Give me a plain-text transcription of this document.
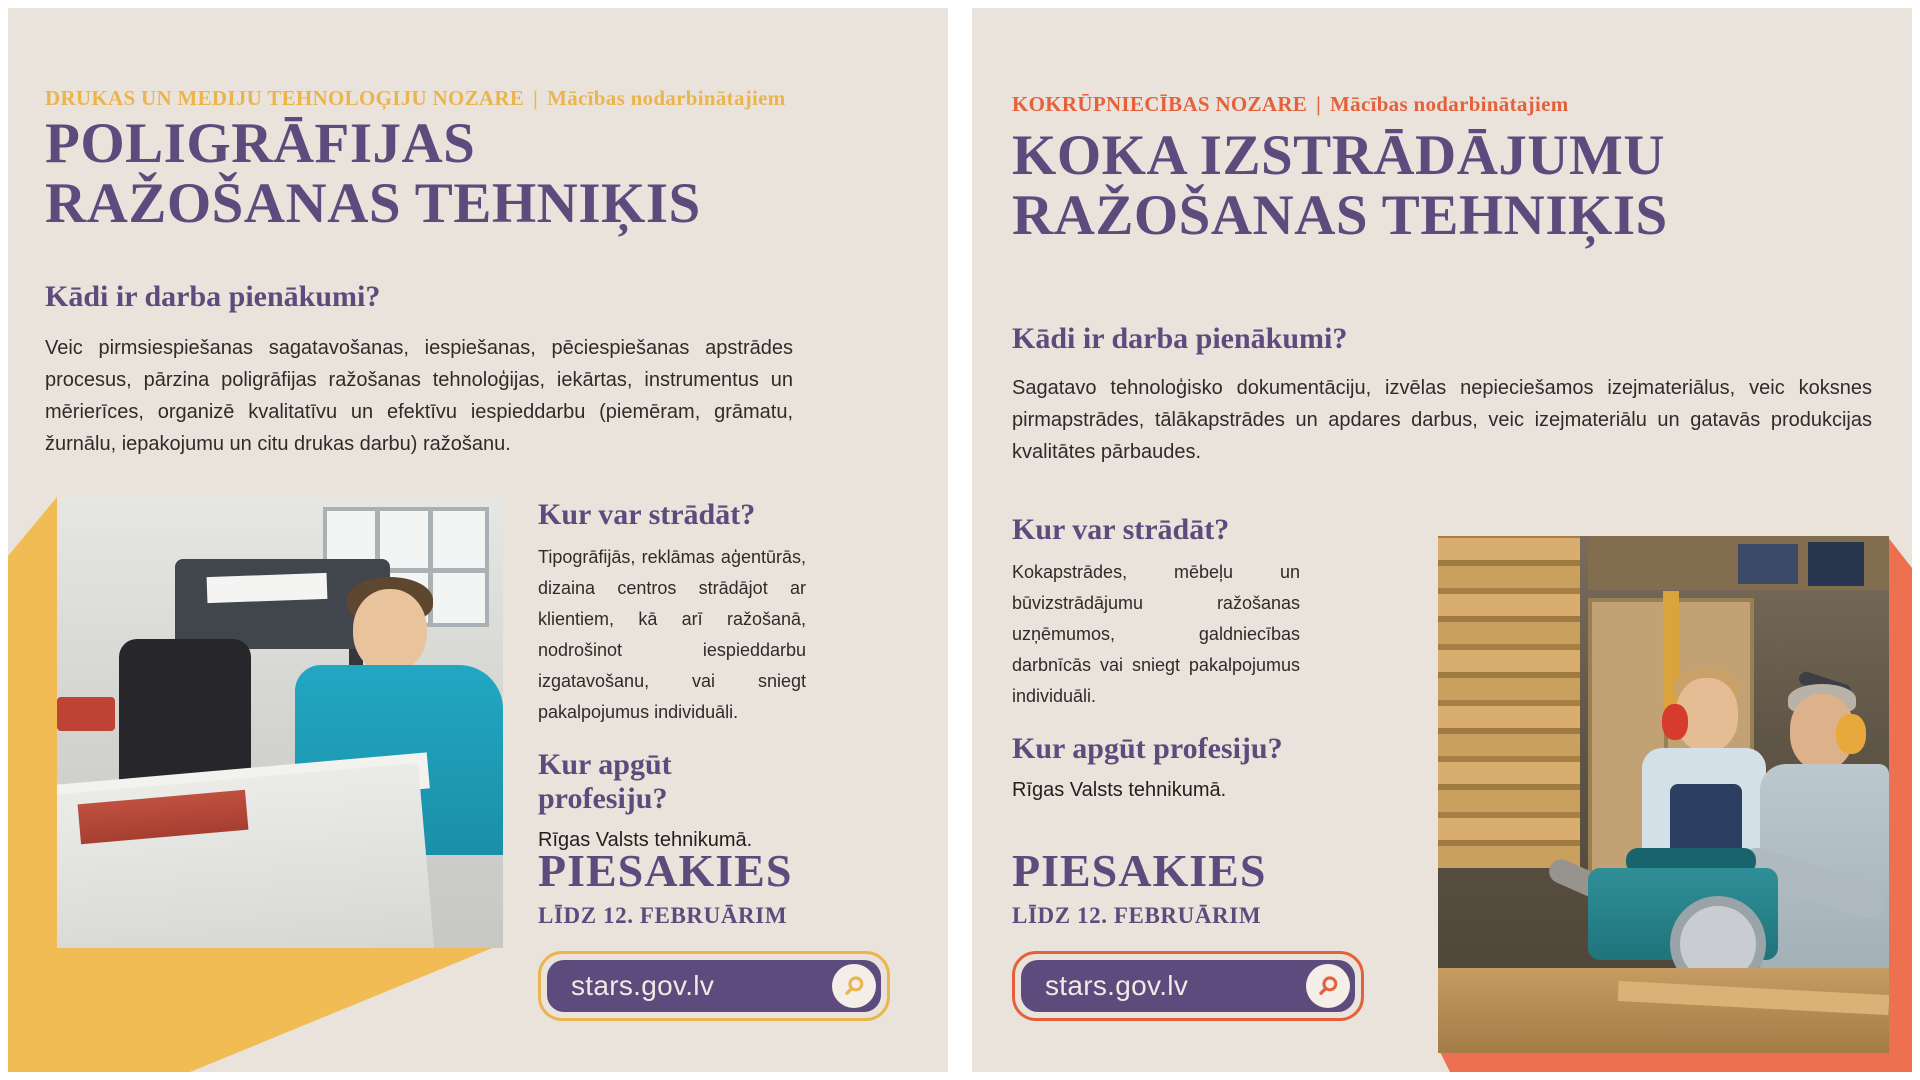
DRUKAS UN MEDIJU TEHNOLOĢIJU NOZARE | Mācības nodarbinātajiem
POLIGRĀFIJAS
RAŽOŠANAS TEHNIĶIS
Kādi ir darba pienākumi?

Veic pirmsiespiešanas sagatavošanas, iespiešanas, pēciespiešanas apstrādes procesus, pārzina poligrāfijas ražošanas tehnoloģijas, iekārtas, instrumentus un mērierīces, organizē kvalitatīvu un efektīvu iespieddarbu (piemēram, grāmatu, žurnālu, iepakojumu un citu drukas darbu) ražošanu.

Kur var strādāt?

Tipogrāfijās, reklāmas aģentūrās, dizaina centros strādājot ar klientiem, kā arī ražošanā, nodrošinot iespieddarbu izgatavošanu, vai sniegt pakalpojumus individuāli.

Kur apgūt profesiju?

Rīgas Valsts tehnikumā.

PIESAKIES
LĪDZ 12. FEBRUĀRIM
stars.gov.lv
KOKRŪPNIECĪBAS NOZARE | Mācības nodarbinātajiem
KOKA IZSTRĀDĀJUMU
RAŽOŠANAS TEHNIĶIS
Kādi ir darba pienākumi?

Sagatavo tehnoloģisko dokumentāciju, izvēlas nepieciešamos izejmateriālus, veic koksnes pirmapstrādes, tālākapstrādes un apdares darbus, veic izejmateriālu un gatavās produkcijas kvalitātes pārbaudes.

Kur var strādāt?

Kokapstrādes, mēbeļu un būvizstrādājumu ražošanas uzņēmumos, galdniecības darbnīcās vai sniegt pakalpojumus individuāli.

Kur apgūt profesiju?

Rīgas Valsts tehnikumā.

PIESAKIES
LĪDZ 12. FEBRUĀRIM
stars.gov.lv
